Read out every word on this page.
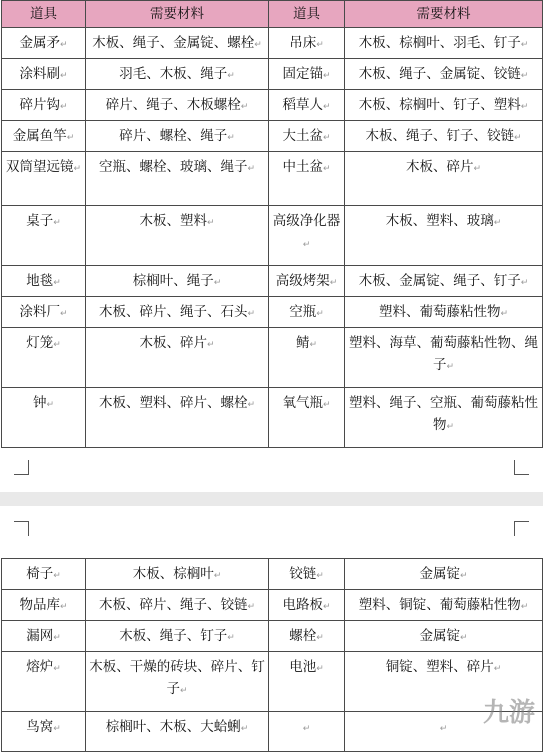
道具	需要材料	道具	需要材料
金属矛↵	木板、绳子、金属锭、螺栓↵	吊床↵	木板、棕榈叶、羽毛、钉子↵
涂料刷↵	羽毛、木板、绳子↵	固定锚↵	木板、绳子、金属锭、铰链↵
碎片钩↵	碎片、绳子、木板螺栓↵	稻草人↵	木板、棕榈叶、钉子、塑料↵
金属鱼竿↵	碎片、螺栓、绳子↵	大土盆↵	木板、绳子、钉子、铰链↵
双筒望远镜↵	空瓶、螺栓、玻璃、绳子↵	中土盆↵	木板、碎片↵
桌子↵	木板、塑料↵	高级净化器↵	木板、塑料、玻璃↵
地毯↵	棕榈叶、绳子↵	高级烤架↵	木板、金属锭、绳子、钉子↵
涂料厂↵	木板、碎片、绳子、石头↵	空瓶↵	塑料、葡萄藤粘性物↵
灯笼↵	木板、碎片↵	鲭↵	塑料、海草、葡萄藤粘性物、绳子↵
钟↵	木板、塑料、碎片、螺栓↵	氧气瓶↵	塑料、绳子、空瓶、葡萄藤粘性物↵
椅子↵	木板、棕榈叶↵	铰链↵	金属锭↵
物品库↵	木板、碎片、绳子、铰链↵	电路板↵	塑料、铜锭、葡萄藤粘性物↵
漏网↵	木板、绳子、钉子↵	螺栓↵	金属锭↵
熔炉↵	木板、干燥的砖块、碎片、钉子↵	电池↵	铜锭、塑料、碎片↵
鸟窝↵	棕榈叶、木板、大蛤蜊↵	↵	↵
九游
